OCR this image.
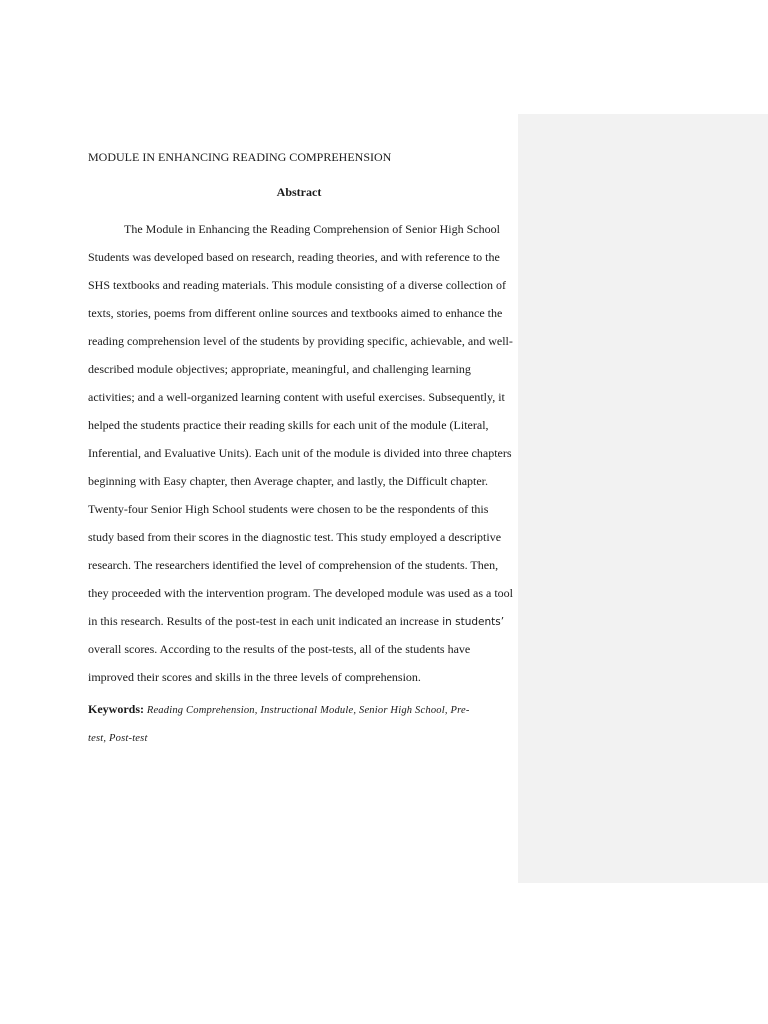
MODULE IN ENHANCING READING COMPREHENSION
Abstract
The Module in Enhancing the Reading Comprehension of Senior High School
Students was developed based on research, reading theories, and with reference to the
SHS textbooks and reading materials. This module consisting of a diverse collection of
texts, stories, poems from different online sources and textbooks aimed to enhance the
reading comprehension level of the students by providing specific, achievable, and well-
described module objectives; appropriate, meaningful, and challenging learning
activities; and a well-organized learning content with useful exercises. Subsequently, it
helped the students practice their reading skills for each unit of the module (Literal,
Inferential, and Evaluative Units). Each unit of the module is divided into three chapters
beginning with Easy chapter, then Average chapter, and lastly, the Difficult chapter.
Twenty-four Senior High School students were chosen to be the respondents of this
study based from their scores in the diagnostic test. This study employed a descriptive
research. The researchers identified the level of comprehension of the students. Then,
they proceeded with the intervention program. The developed module was used as a tool
in this research. Results of the post-test in each unit indicated an increase in students’
overall scores. According to the results of the post-tests, all of the students have
improved their scores and skills in the three levels of comprehension.
Keywords: Reading Comprehension, Instructional Module, Senior High School, Pre-
test, Post-test
